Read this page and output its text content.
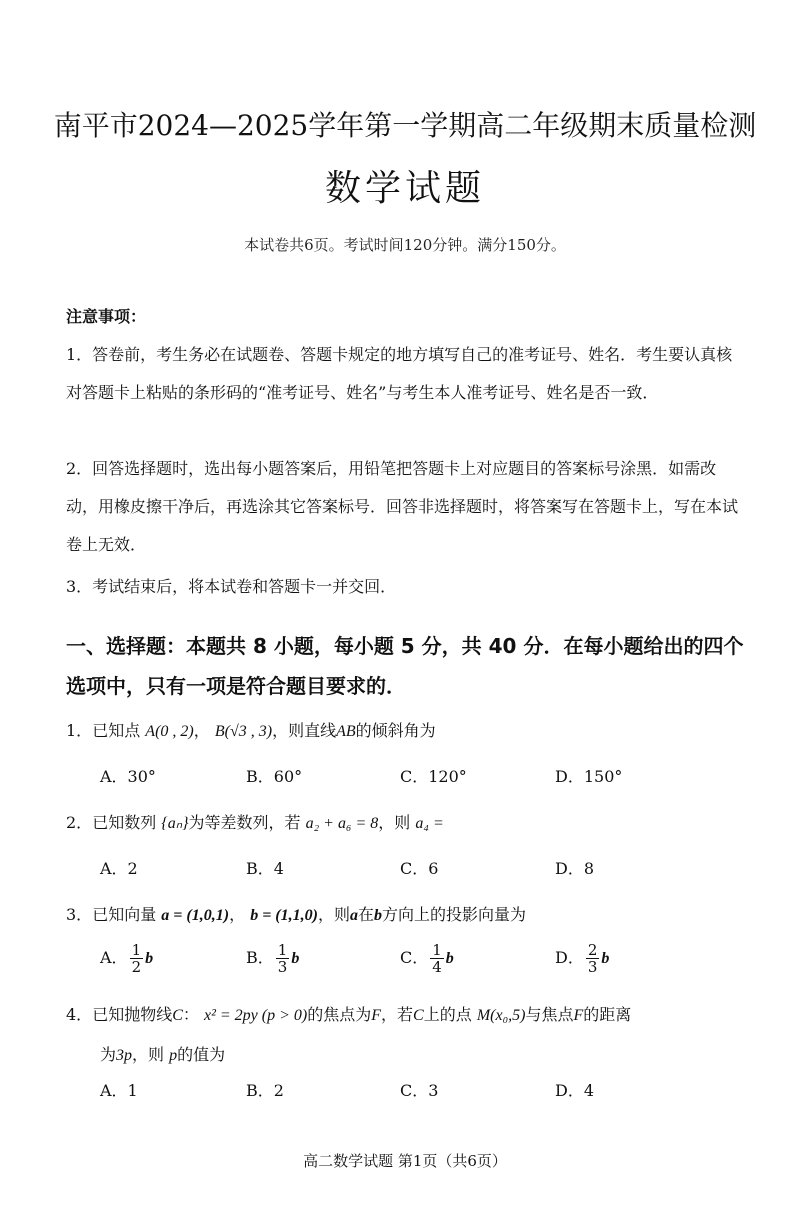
南平市2024—2025学年第一学期高二年级期末质量检测
数学试题
本试卷共6页。考试时间120分钟。满分150分。
注意事项：
1．答卷前，考生务必在试题卷、答题卡规定的地方填写自己的准考证号、姓名．考生要认真核对答题卡上粘贴的条形码的“准考证号、姓名”与考生本人准考证号、姓名是否一致．
2．回答选择题时，选出每小题答案后，用铅笔把答题卡上对应题目的答案标号涂黑．如需改动，用橡皮擦干净后，再选涂其它答案标号．回答非选择题时，将答案写在答题卡上，写在本试卷上无效．
3．考试结束后，将本试卷和答题卡一并交回．
一、选择题：本题共 8 小题，每小题 5 分，共 40 分．在每小题给出的四个选项中，只有一项是符合题目要求的．
1．已知点 A(0 , 2)， B(√3 , 3)，则直线AB的倾斜角为
A．30°	B．60°	C．120°	D．150°
2．已知数列 {aₙ}为等差数列，若 a₂ + a₆ = 8，则 a₄ =
A．2	B．4	C．6	D．8
3．已知向量 a = (1,0,1)， b = (1,1,0)，则a在b方向上的投影向量为
A． $\frac{1}{2}$ b	B． $\frac{1}{3}$ b	C． $\frac{1}{4}$ b	D． $\frac{2}{3}$ b
4．已知抛物线C： x² = 2py (p > 0)的焦点为F，若C上的点 M(x₀,5)与焦点F的距离
为3p，则 p的值为
A．1	B．2	C．3	D．4
高二数学试题 第1页（共6页）
